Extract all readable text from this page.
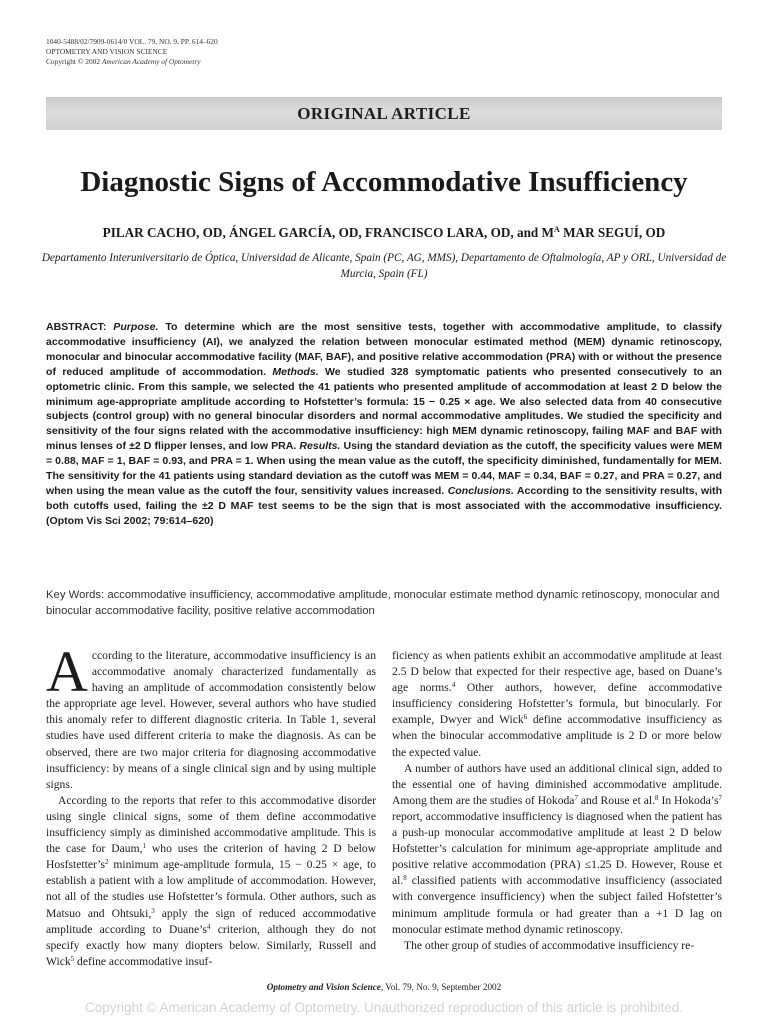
1040-5488/02/7909-0614/0 VOL. 79, NO. 9, PP. 614–620
OPTOMETRY AND VISION SCIENCE
Copyright © 2002 American Academy of Optometry
ORIGINAL ARTICLE
Diagnostic Signs of Accommodative Insufficiency
PILAR CACHO, OD, ÁNGEL GARCÍA, OD, FRANCISCO LARA, OD, and $M^A$ MAR SEGUÍ, OD
Departamento Interuniversitario de Óptica, Universidad de Alicante, Spain (PC, AG, MMS), Departamento de Oftalmología, AP y ORL, Universidad de Murcia, Spain (FL)
ABSTRACT: Purpose. To determine which are the most sensitive tests, together with accommodative amplitude, to classify accommodative insufficiency (AI), we analyzed the relation between monocular estimated method (MEM) dynamic retinoscopy, monocular and binocular accommodative facility (MAF, BAF), and positive relative accommodation (PRA) with or without the presence of reduced amplitude of accommodation. Methods. We studied 328 symptomatic patients who presented consecutively to an optometric clinic. From this sample, we selected the 41 patients who presented amplitude of accommodation at least 2 D below the minimum age-appropriate amplitude according to Hofstetter’s formula: 15 − 0.25 × age. We also selected data from 40 consecutive subjects (control group) with no general binocular disorders and normal accommodative amplitudes. We studied the specificity and sensitivity of the four signs related with the accommodative insufficiency: high MEM dynamic retinoscopy, failing MAF and BAF with minus lenses of ±2 D flipper lenses, and low PRA. Results. Using the standard deviation as the cutoff, the specificity values were MEM = 0.88, MAF = 1, BAF = 0.93, and PRA = 1. When using the mean value as the cutoff, the specificity diminished, fundamentally for MEM. The sensitivity for the 41 patients using standard deviation as the cutoff was MEM = 0.44, MAF = 0.34, BAF = 0.27, and PRA = 0.27, and when using the mean value as the cutoff the four, sensitivity values increased. Conclusions. According to the sensitivity results, with both cutoffs used, failing the ±2 D MAF test seems to be the sign that is most associated with the accommodative insufficiency. (Optom Vis Sci 2002; 79:614–620)
Key Words: accommodative insufficiency, accommodative amplitude, monocular estimate method dynamic retinoscopy, monocular and binocular accommodative facility, positive relative accommodation

According to the literature, accommodative insufficiency is an accommodative anomaly characterized fundamentally as having an amplitude of accommodation consistently below the appropriate age level. However, several authors who have studied this anomaly refer to different diagnostic criteria. In Table 1, several studies have used different criteria to make the diagnosis. As can be observed, there are two major criteria for diagnosing accommodative insufficiency: by means of a single clinical sign and by using multiple signs.

According to the reports that refer to this accommodative disorder using single clinical signs, some of them define accommodative insufficiency simply as diminished accommodative amplitude. This is the case for Daum,$^1$ who uses the criterion of having 2 D below $Hosfstetter’s^2$ minimum age-amplitude formula, 15 − 0.25 × age, to establish a patient with a low amplitude of accommodation. However, not all of the studies use Hofstetter’s formula. Other authors, such as Matsuo and Ohtsuki,$^3$ apply the sign of reduced accommodative amplitude according to $Duane’s^4$ criterion, although they do not specify exactly how many diopters below. Similarly, Russell and Wick$^5$ define accommodative insuf-

ficiency as when patients exhibit an accommodative amplitude at least 2.5 D below that expected for their respective age, based on Duane’s age norms.$^4$ Other authors, however, define accommodative insufficiency considering Hofstetter’s formula, but binocularly. For example, Dwyer and Wick$^6$ define accommodative insufficiency as when the binocular accommodative amplitude is 2 D or more below the expected value.

A number of authors have used an additional clinical sign, added to the essential one of having diminished accommodative amplitude. Among them are the studies of Hokoda$^7$ and Rouse et al.$^8$ In $Hokoda’s^7$ report, accommodative insufficiency is diagnosed when the patient has a push-up monocular accommodative amplitude at least 2 D below Hofstetter’s calculation for minimum age-appropriate amplitude and positive relative accommodation (PRA) ≤1.25 D. However, Rouse et al.$^8$ classified patients with accommodative insufficiency (associated with convergence insufficiency) when the subject failed Hofstetter’s minimum amplitude formula or had greater than a +1 D lag on monocular estimate method dynamic retinoscopy.

The other group of studies of accommodative insufficiency re-

Optometry and Vision Science, Vol. 79, No. 9, September 2002
Copyright © American Academy of Optometry. Unauthorized reproduction of this article is prohibited.
